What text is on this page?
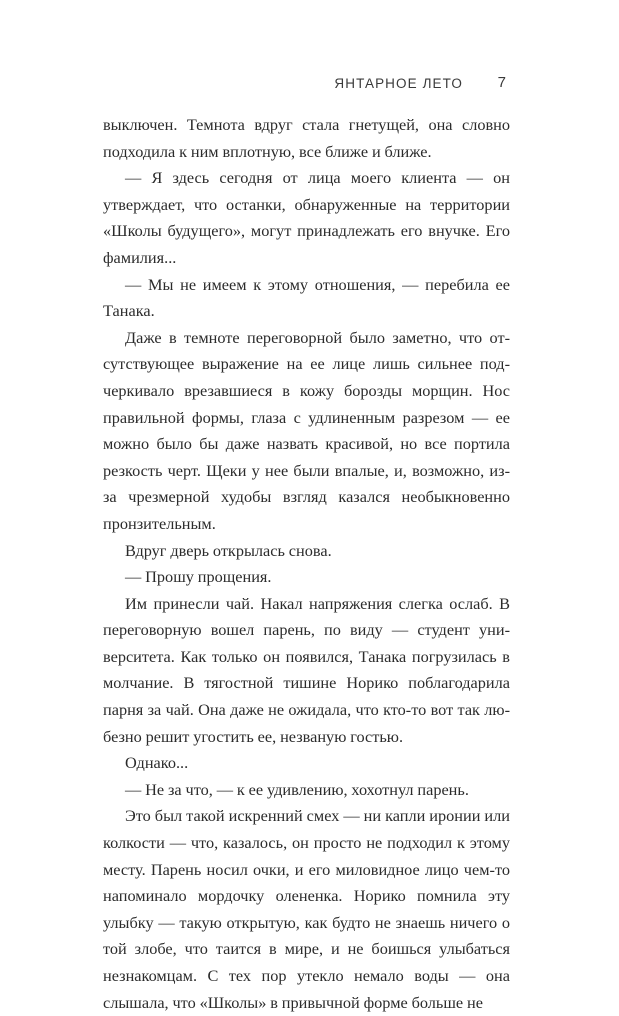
ЯНТАРНОЕ ЛЕТО 7

выключен. Темнота вдруг стала гнетущей, она словно подходила к ним вплотную, все ближе и ближе.

— Я здесь сегодня от лица моего клиента — он утверждает, что останки, обнаруженные на территории «Школы будущего», могут принадлежать его внучке. Его фамилия...

— Мы не имеем к этому отношения, — перебила ее Танака.

Даже в темноте переговорной было заметно, что отсутствующее выражение на ее лице лишь сильнее подчеркивало врезавшиеся в кожу борозды морщин. Нос правильной формы, глаза с удлиненным разрезом — ее можно было бы даже назвать красивой, но все портила резкость черт. Щеки у нее были впалые, и, возможно, из-за чрезмерной худобы взгляд казался необыкновенно пронзительным.

Вдруг дверь открылась снова.

— Прошу прощения.

Им принесли чай. Накал напряжения слегка ослаб. В переговорную вошел парень, по виду — студент университета. Как только он появился, Танака погрузилась в молчание. В тягостной тишине Норико поблагодарила парня за чай. Она даже не ожидала, что кто-то вот так любезно решит угостить ее, незваную гостью.

Однако...

— Не за что, — к ее удивлению, хохотнул парень.

Это был такой искренний смех — ни капли иронии или колкости — что, казалось, он просто не подходил к этому месту. Парень носил очки, и его миловидное лицо чем-то напоминало мордочку олененка. Норико помнила эту улыбку — такую открытую, как будто не знаешь ничего о той злобе, что таится в мире, и не боишься улыбаться незнакомцам. С тех пор утекло немало воды — она слышала, что «Школы» в привычной форме больше не
